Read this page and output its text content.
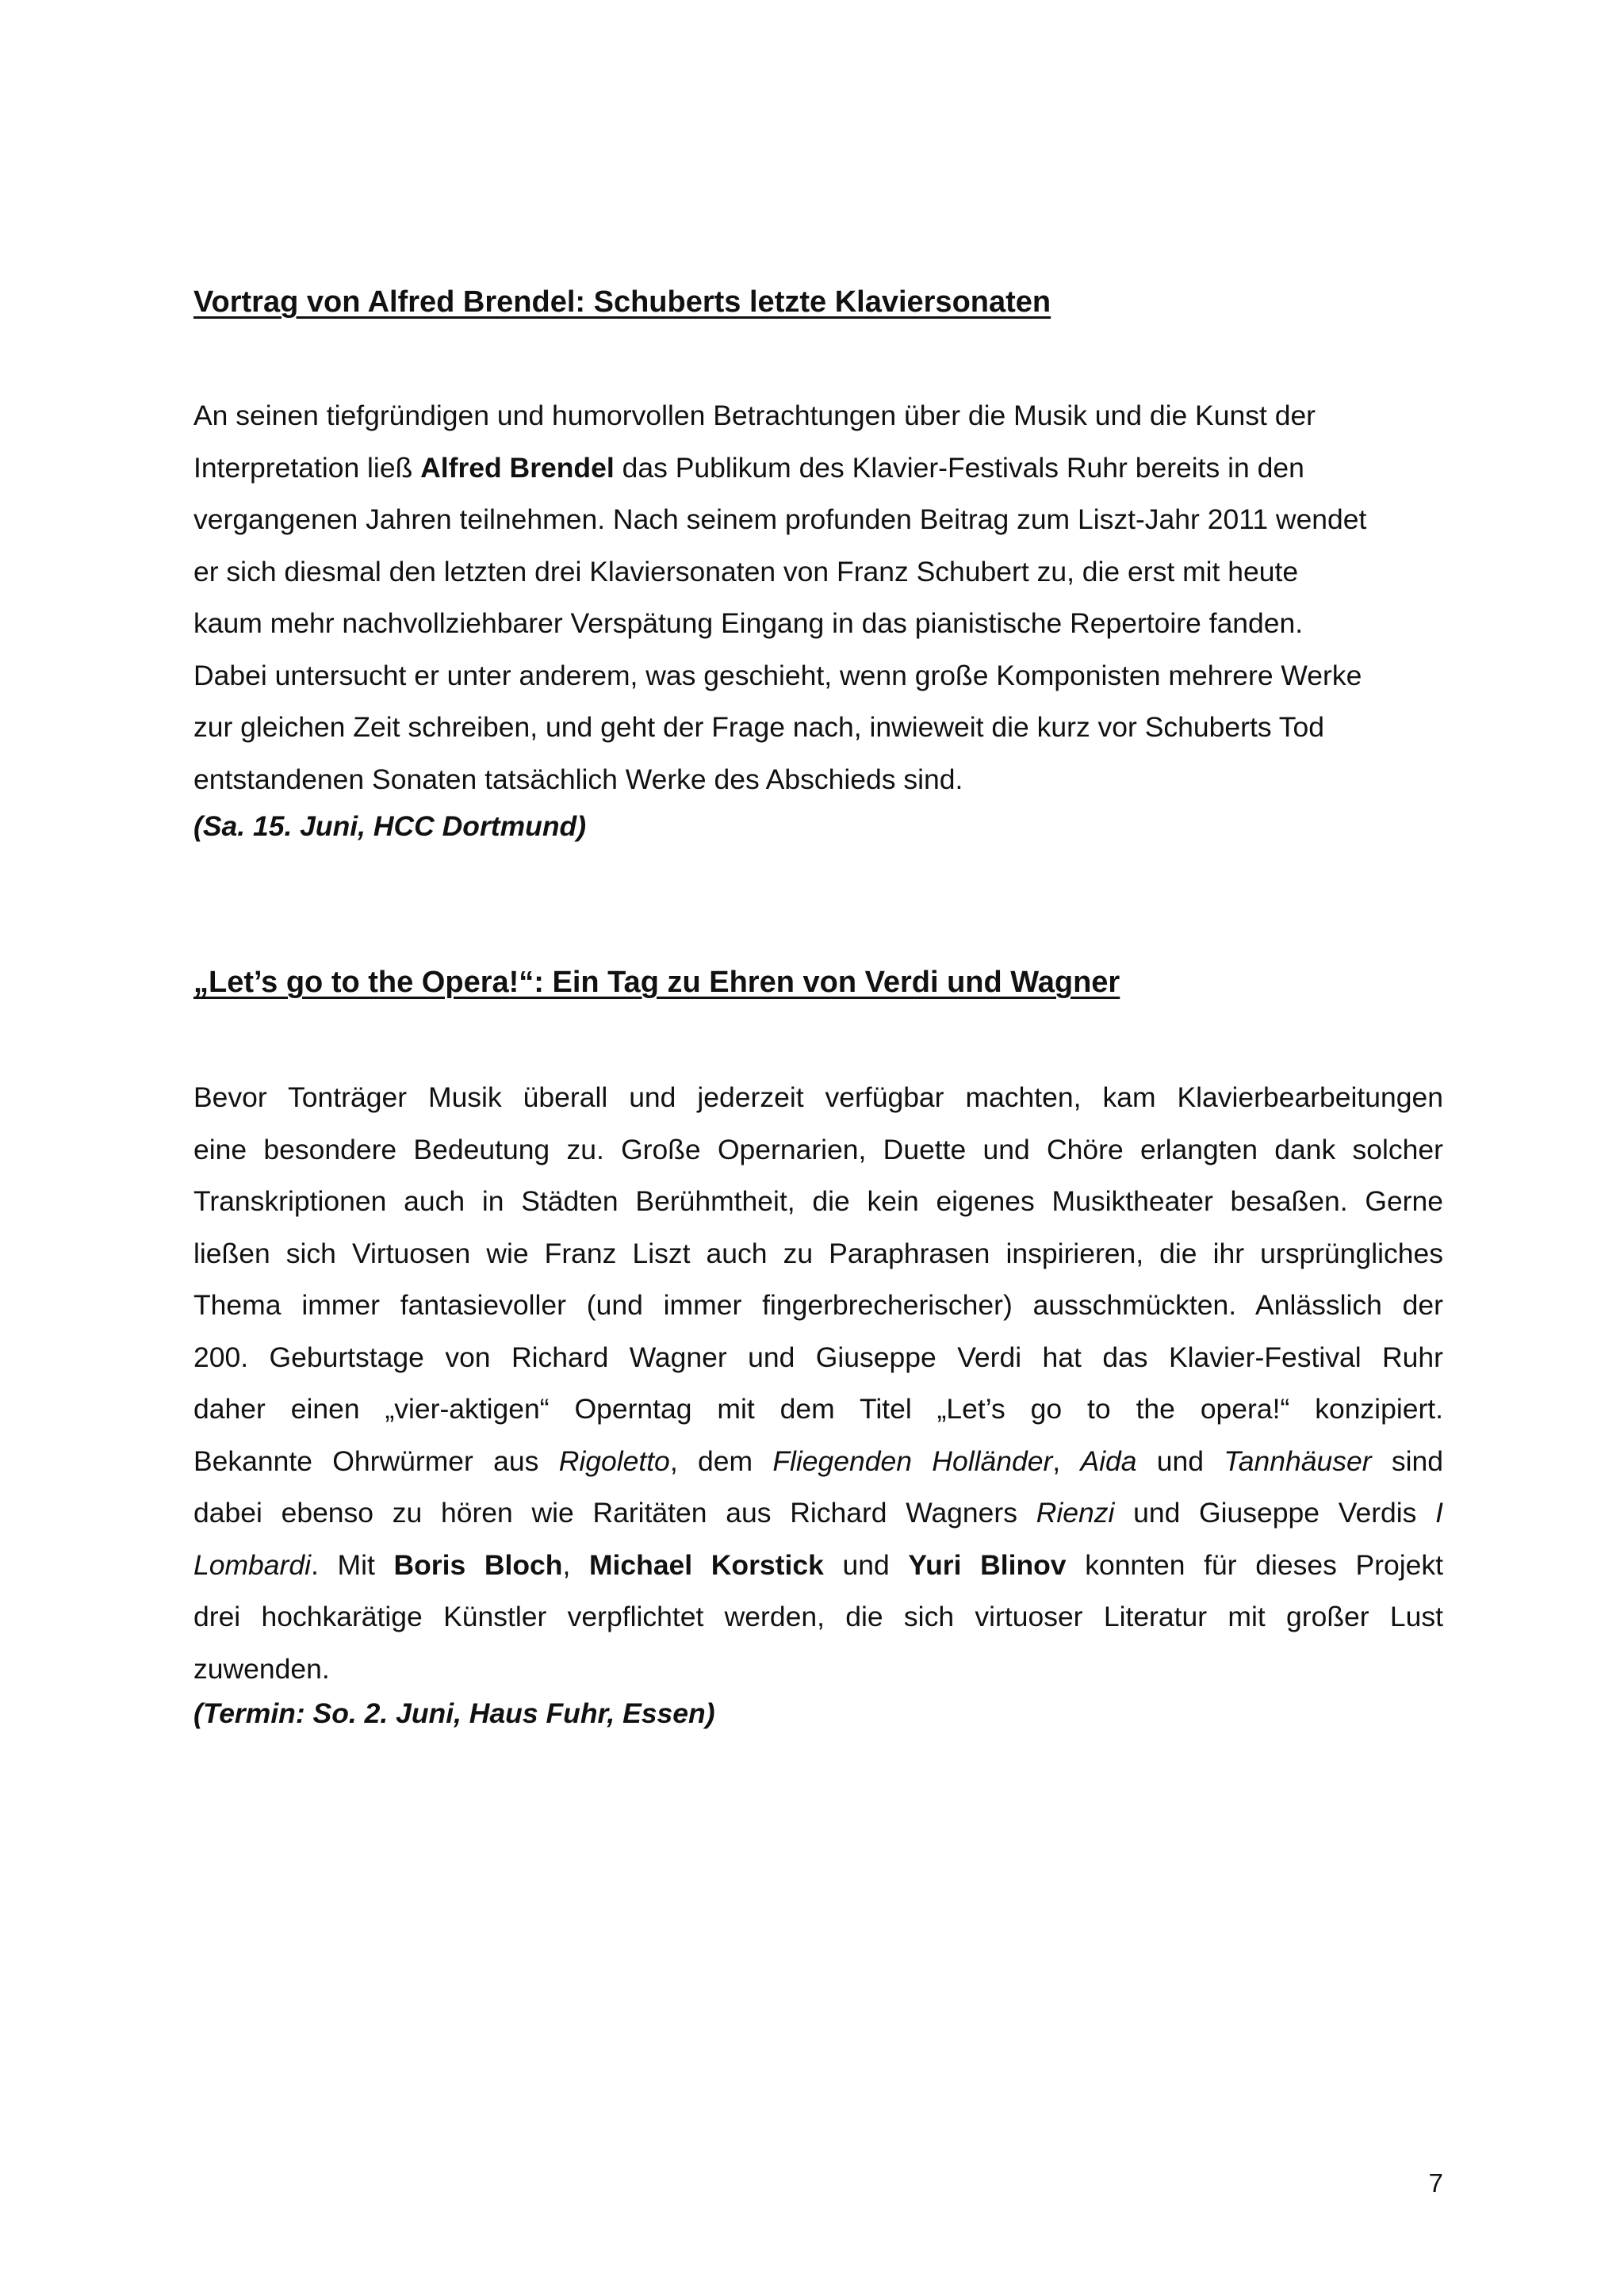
Vortrag von Alfred Brendel: Schuberts letzte Klaviersonaten

An seinen tiefgründigen und humorvollen Betrachtungen über die Musik und die Kunst der
Interpretation ließ Alfred Brendel das Publikum des Klavier-Festivals Ruhr bereits in den
vergangenen Jahren teilnehmen. Nach seinem profunden Beitrag zum Liszt-Jahr 2011 wendet
er sich diesmal den letzten drei Klaviersonaten von Franz Schubert zu, die erst mit heute
kaum mehr nachvollziehbarer Verspätung Eingang in das pianistische Repertoire fanden.
Dabei untersucht er unter anderem, was geschieht, wenn große Komponisten mehrere Werke
zur gleichen Zeit schreiben, und geht der Frage nach, inwieweit die kurz vor Schuberts Tod
entstandenen Sonaten tatsächlich Werke des Abschieds sind.

(Sa. 15. Juni, HCC Dortmund)

„Let’s go to the Opera!“: Ein Tag zu Ehren von Verdi und Wagner

Bevor Tonträger Musik überall und jederzeit verfügbar machten, kam Klavierbearbeitungen
eine besondere Bedeutung zu. Große Opernarien, Duette und Chöre erlangten dank solcher
Transkriptionen auch in Städten Berühmtheit, die kein eigenes Musiktheater besaßen. Gerne
ließen sich Virtuosen wie Franz Liszt auch zu Paraphrasen inspirieren, die ihr ursprüngliches
Thema immer fantasievoller (und immer fingerbrecherischer) ausschmückten. Anlässlich der
200. Geburtstage von Richard Wagner und Giuseppe Verdi hat das Klavier-Festival Ruhr
daher einen „vier-aktigen“ Operntag mit dem Titel „Let’s go to the opera!“ konzipiert.
Bekannte Ohrwürmer aus Rigoletto, dem Fliegenden Holländer, Aida und Tannhäuser sind
dabei ebenso zu hören wie Raritäten aus Richard Wagners Rienzi und Giuseppe Verdis I
Lombardi. Mit Boris Bloch, Michael Korstick und Yuri Blinov konnten für dieses Projekt
drei hochkarätige Künstler verpflichtet werden, die sich virtuoser Literatur mit großer Lust
zuwenden.

(Termin: So. 2. Juni, Haus Fuhr, Essen)

7
